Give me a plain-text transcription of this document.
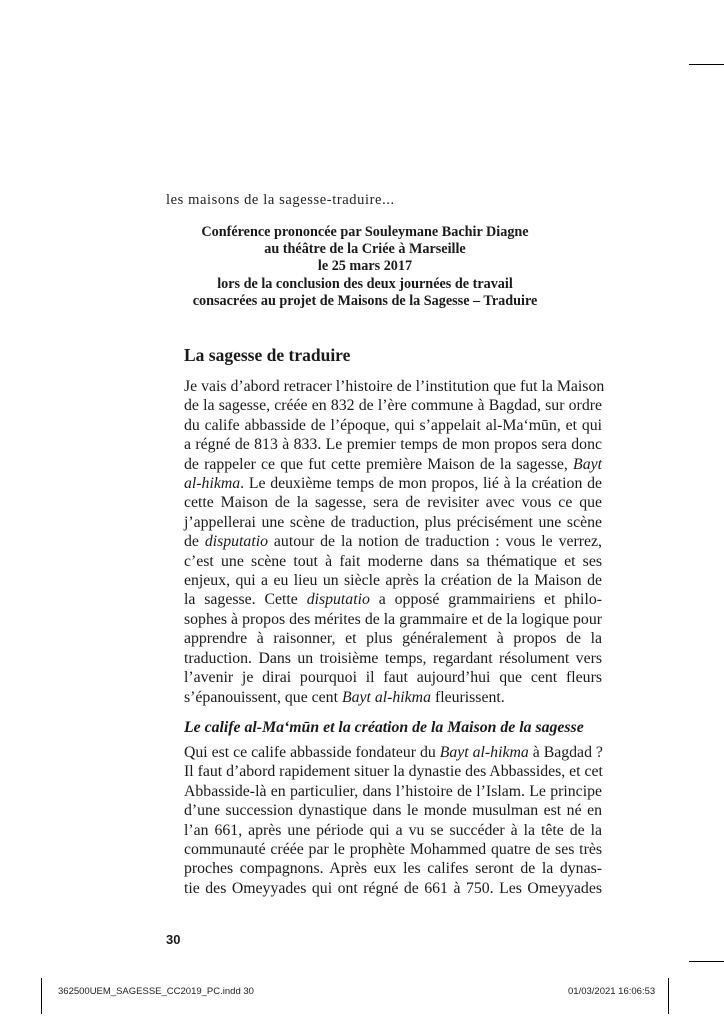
les maisons de la sagesse-traduire...
Conférence prononcée par Souleymane Bachir Diagne
au théâtre de la Criée à Marseille
le 25 mars 2017
lors de la conclusion des deux journées de travail
consacrées au projet de Maisons de la Sagesse – Traduire
La sagesse de traduire
Je vais d’abord retracer l’histoire de l’institution que fut la Maison
de la sagesse, créée en 832 de l’ère commune à Bagdad, sur ordre
du calife abbasside de l’époque, qui s’appelait al-Ma‘mūn, et qui
a régné de 813 à 833. Le premier temps de mon propos sera donc
de rappeler ce que fut cette première Maison de la sagesse, Bayt
al-hikma. Le deuxième temps de mon propos, lié à la création de
cette Maison de la sagesse, sera de revisiter avec vous ce que
j’appellerai une scène de traduction, plus précisément une scène
de disputatio autour de la notion de traduction : vous le verrez,
c’est une scène tout à fait moderne dans sa thématique et ses
enjeux, qui a eu lieu un siècle après la création de la Maison de
la sagesse. Cette disputatio a opposé grammairiens et philo-
sophes à propos des mérites de la grammaire et de la logique pour
apprendre à raisonner, et plus généralement à propos de la
traduction. Dans un troisième temps, regardant résolument vers
l’avenir je dirai pourquoi il faut aujourd’hui que cent fleurs
s’épanouissent, que cent Bayt al-hikma fleurissent.
Le calife al-Ma‘mūn et la création de la Maison de la sagesse
Qui est ce calife abbasside fondateur du Bayt al-hikma à Bagdad ?
Il faut d’abord rapidement situer la dynastie des Abbassides, et cet
Abbasside-là en particulier, dans l’histoire de l’Islam. Le principe
d’une succession dynastique dans le monde musulman est né en
l’an 661, après une période qui a vu se succéder à la tête de la
communauté créée par le prophète Mohammed quatre de ses très
proches compagnons. Après eux les califes seront de la dynas-
tie des Omeyyades qui ont régné de 661 à 750. Les Omeyyades
30
362500UEM_SAGESSE_CC2019_PC.indd 30	01/03/2021 16:06:53
